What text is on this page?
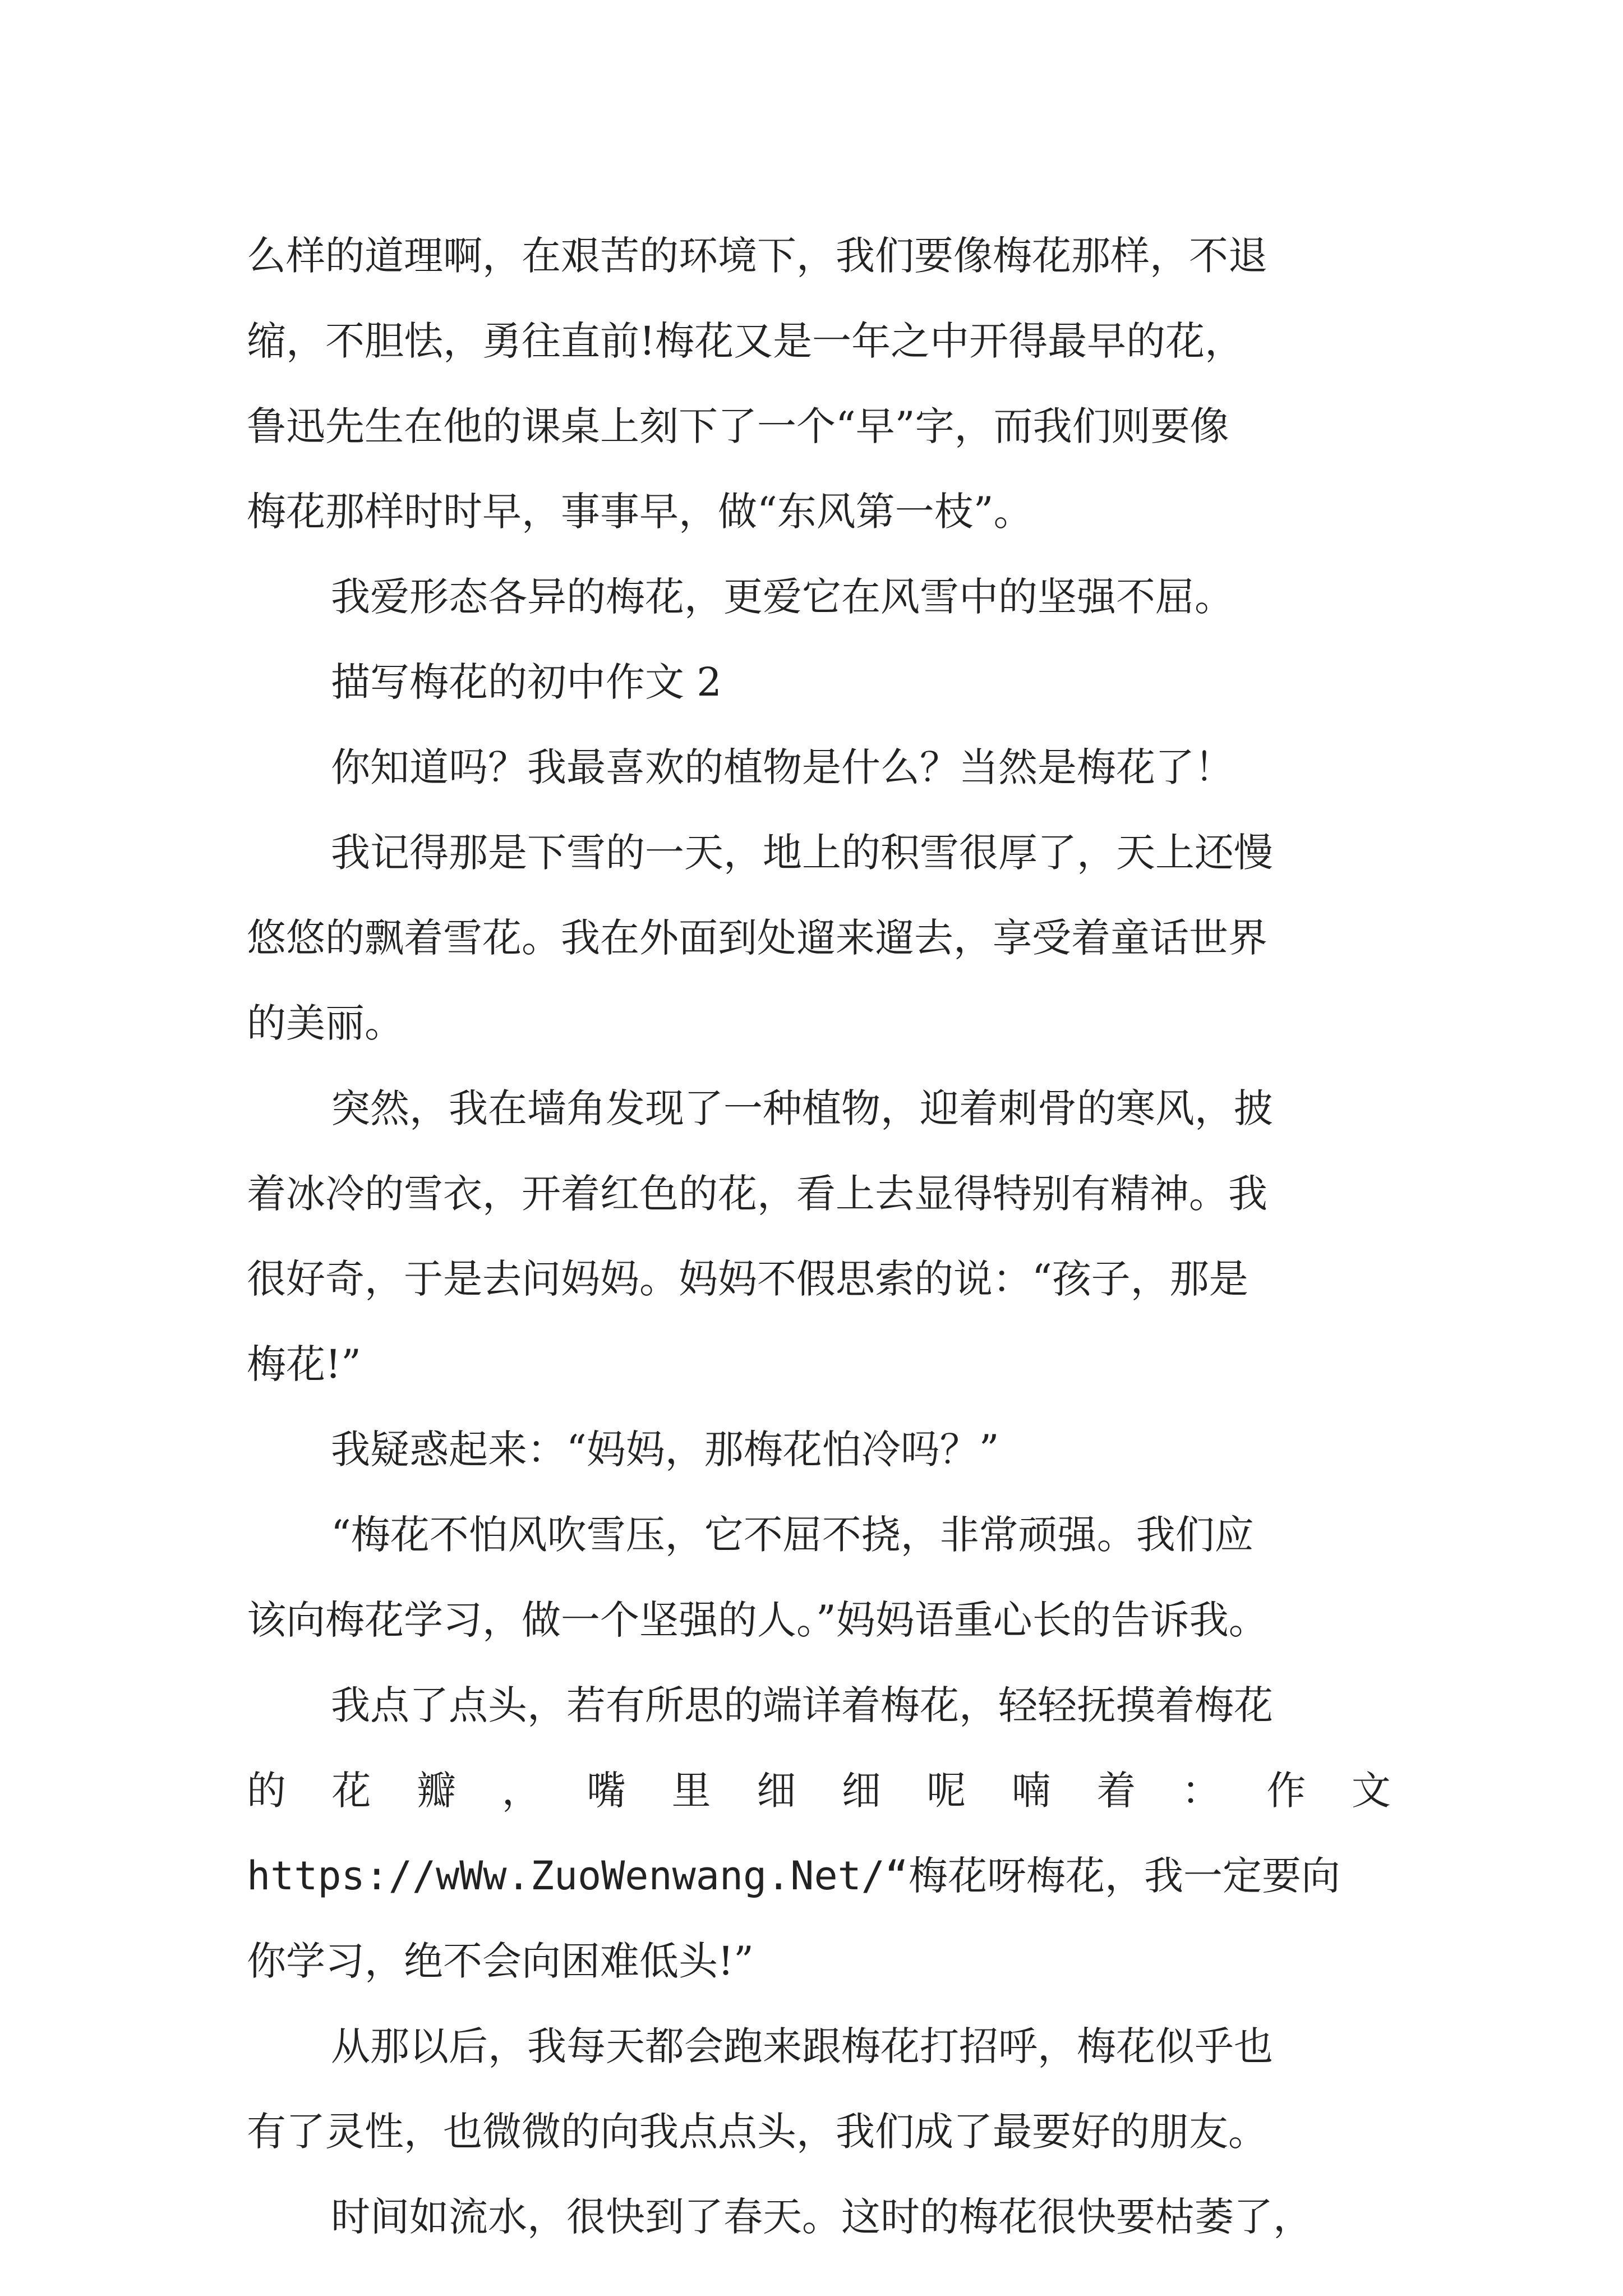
么样的道理啊，在艰苦的环境下，我们要像梅花那样，不退
缩，不胆怯，勇往直前!梅花又是一年之中开得最早的花，
鲁迅先生在他的课桌上刻下了一个“早”字，而我们则要像
梅花那样时时早，事事早，做“东风第一枝”。
我爱形态各异的梅花，更爱它在风雪中的坚强不屈。
描写梅花的初中作文 2
你知道吗？我最喜欢的植物是什么？当然是梅花了！
我记得那是下雪的一天，地上的积雪很厚了，天上还慢
悠悠的飘着雪花。我在外面到处遛来遛去，享受着童话世界
的美丽。
突然，我在墙角发现了一种植物，迎着刺骨的寒风，披
着冰冷的雪衣，开着红色的花，看上去显得特别有精神。我
很好奇，于是去问妈妈。妈妈不假思索的说：“孩子，那是
梅花!”
我疑惑起来：“妈妈，那梅花怕冷吗？”
“梅花不怕风吹雪压，它不屈不挠，非常顽强。我们应
该向梅花学习，做一个坚强的人。”妈妈语重心长的告诉我。
我点了点头，若有所思的端详着梅花，轻轻抚摸着梅花
的 花 瓣 ， 嘴 里 细 细 呢 喃 着 ： 作 文
https://wWw.ZuoWenwang.Net/“梅花呀梅花，我一定要向
你学习，绝不会向困难低头!”
从那以后，我每天都会跑来跟梅花打招呼，梅花似乎也
有了灵性，也微微的向我点点头，我们成了最要好的朋友。
时间如流水，很快到了春天。这时的梅花很快要枯萎了，
